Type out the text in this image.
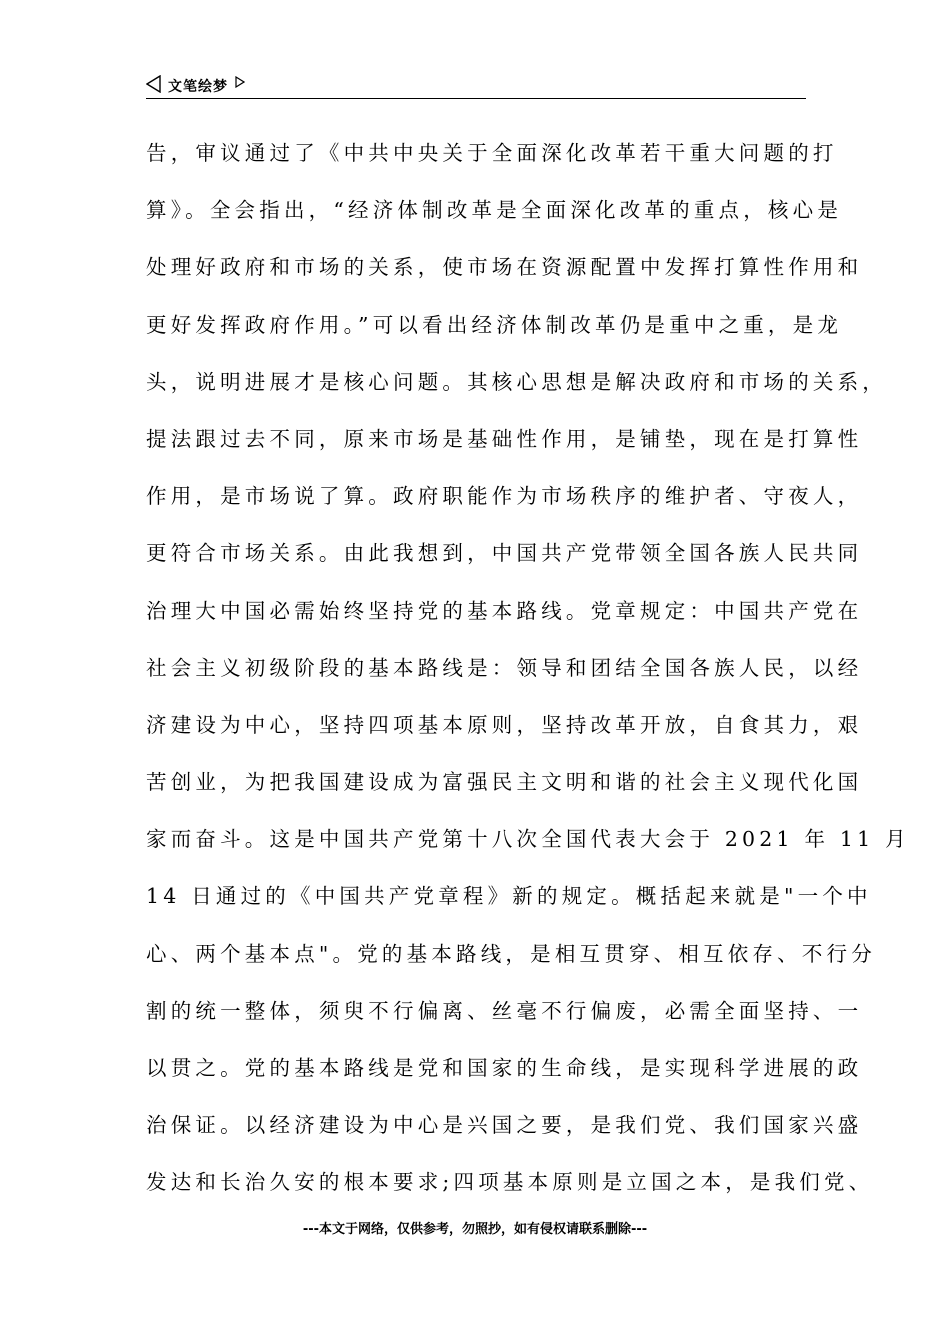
文笔绘梦
告，审议通过了《中共中央关于全面深化改革若干重大问题的打
算》。全会指出，“经济体制改革是全面深化改革的重点，核心是
处理好政府和市场的关系，使市场在资源配置中发挥打算性作用和
更好发挥政府作用。”可以看出经济体制改革仍是重中之重，是龙
头，说明进展才是核心问题。其核心思想是解决政府和市场的关系，
提法跟过去不同，原来市场是基础性作用，是铺垫，现在是打算性
作用，是市场说了算。政府职能作为市场秩序的维护者、守夜人，
更符合市场关系。由此我想到，中国共产党带领全国各族人民共同
治理大中国必需始终坚持党的基本路线。党章规定：中国共产党在
社会主义初级阶段的基本路线是：领导和团结全国各族人民，以经
济建设为中心，坚持四项基本原则，坚持改革开放，自食其力，艰
苦创业，为把我国建设成为富强民主文明和谐的社会主义现代化国
家而奋斗。这是中国共产党第十八次全国代表大会于 2021 年 11 月
14 日通过的《中国共产党章程》新的规定。概括起来就是"一个中
心、两个基本点"。党的基本路线，是相互贯穿、相互依存、不行分
割的统一整体，须臾不行偏离、丝毫不行偏废，必需全面坚持、一
以贯之。党的基本路线是党和国家的生命线，是实现科学进展的政
治保证。以经济建设为中心是兴国之要，是我们党、我们国家兴盛
发达和长治久安的根本要求;四项基本原则是立国之本，是我们党、
---本文于网络，仅供参考，勿照抄，如有侵权请联系删除---
